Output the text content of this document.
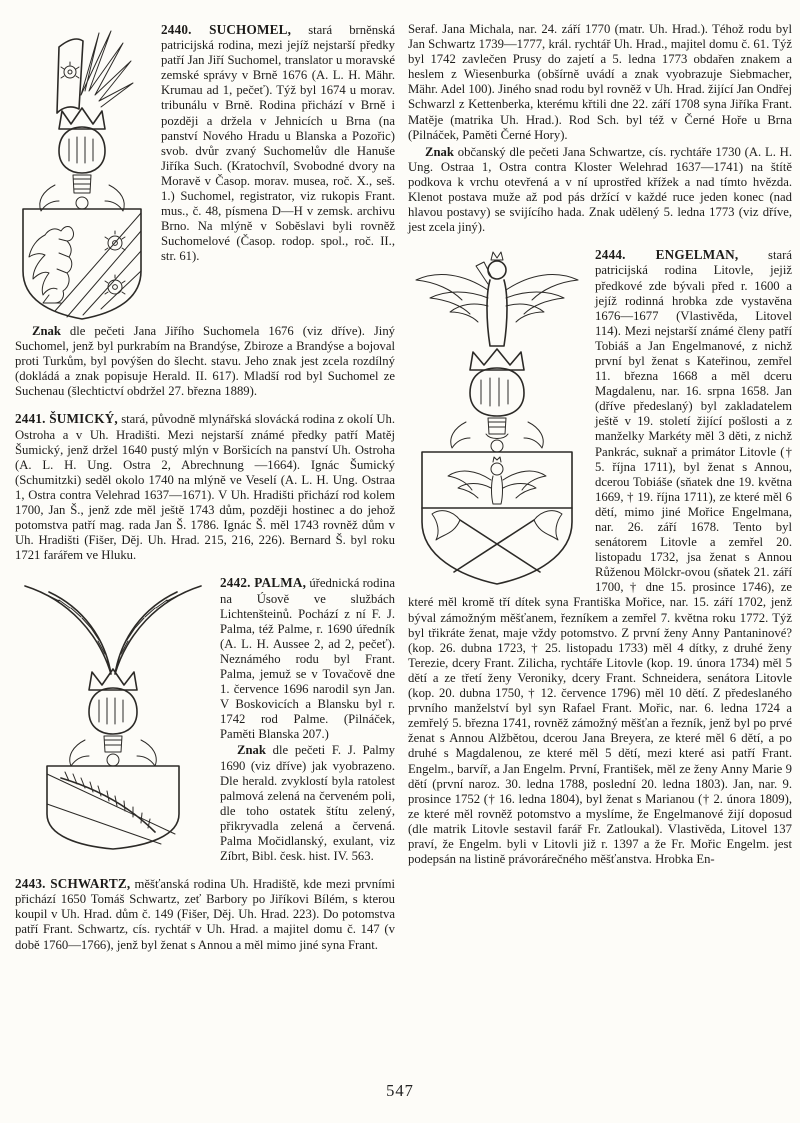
2440. SUCHOMEL, stará brněnská patricijská rodina, mezi jejíž nejstarší předky patří Jan Jiří Suchomel, translator u moravské zemské správy v Brně 1676 (A. L. H. Mähr. Krumau ad 1, pečeť). Týž byl 1674 u morav. tribunálu v Brně. Rodina přichází v Brně i později a držela v Jehnicích u Brna (na panství Nového Hradu u Blanska a Pozořic) svob. dvůr zvaný Suchomelův dle Hanuše Jiříka Such. (Kratochvíl, Svobodné dvory na Moravě v Časop. morav. musea, roč. X., seš. 1.) Suchomel, registrator, viz rukopis Frant. mus., č. 48, písmena D—H v zemsk. archivu Brno. Na mlýně v Soběslavi byli rovněž Suchomelové (Časop. rodop. spol., roč. II., str. 61).

Znak dle pečeti Jana Jiřího Suchomela 1676 (viz dříve). Jiný Suchomel, jenž byl purkrabím na Brandýse, Zbiroze a Brandýse a bojoval proti Turkům, byl povýšen do šlecht. stavu. Jeho znak jest zcela rozdílný (dokládá a znak popisuje Herald. II. 617). Mladší rod byl Suchomel ze Suchenau (šlechtictví obdržel 27. března 1889).

2441. ŠUMICKÝ, stará, původně mlynářská slovácká rodina z okolí Uh. Ostroha a v Uh. Hradišti. Mezi nejstarší známé předky patří Matěj Šumický, jenž držel 1640 pustý mlýn v Boršicích na panství Uh. Ostroha (A. L. H. Ung. Ostra 2, Abrechnung —1664). Ignác Šumický (Schumitzki) seděl okolo 1740 na mlýně ve Veselí (A. L. H. Ung. Ostraa 1, Ostra contra Velehrad 1637—1671). V Uh. Hradišti přichází rod kolem 1700, Jan Š., jenž zde měl ještě 1743 dům, později hostinec a do jehož potomstva patří mag. rada Jan Š. 1786. Ignác Š. měl 1743 rovněž dům v Uh. Hradišti (Fišer, Děj. Uh. Hrad. 215, 216, 226). Bernard Š. byl roku 1721 farářem ve Hluku.

2442. PALMA, úřednická rodina na Úsově ve službách Lichtenšteinů. Pochází z ní F. J. Palma, též Palme, r. 1690 úředník (A. L. H. Aussee 2, ad 2, pečeť). Neznámého rodu byl Frant. Palma, jemuž se v Tovačově dne 1. července 1696 narodil syn Jan. V Boskovicích a Blansku byl r. 1742 rod Palme. (Pilnáček, Paměti Blanska 207.)

Znak dle pečeti F. J. Palmy 1690 (viz dříve) jak vyobrazeno. Dle herald. zvyklostí byla ratolest palmová zelená na červeném poli, dle toho ostatek štítu zelený, přikryvadla zelená a červená. Palma Močidlanský, exulant, viz Zíbrt, Bibl. česk. hist. IV. 563.

2443. SCHWARTZ, měšťanská rodina Uh. Hradiště, kde mezi prvními přichází 1650 Tomáš Schwartz, zeť Barbory po Jiříkovi Bílém, s kterou koupil v Uh. Hrad. dům č. 149 (Fišer, Děj. Uh. Hrad. 223). Do potomstva patří Frant. Schwartz, cís. rychtář v Uh. Hrad. a majitel domu č. 147 (v době 1760—1766), jenž byl ženat s Annou a měl mimo jiné syna Frant.

Seraf. Jana Michala, nar. 24. září 1770 (matr. Uh. Hrad.). Téhož rodu byl Jan Schwartz 1739—1777, král. rychtář Uh. Hrad., majitel domu č. 61. Týž byl 1742 zavlečen Prusy do zajetí a 5. ledna 1773 obdařen znakem a heslem z Wiesenburka (obšírně uvádí a znak vyobrazuje Siebmacher, Mähr. Adel 100). Jiného snad rodu byl rovněž v Uh. Hrad. žijící Jan Ondřej Schwarzl z Kettenberka, kterému křtili dne 22. září 1708 syna Jiříka Frant. Matěje (matrika Uh. Hrad.). Rod Sch. byl též v Černé Hoře u Brna (Pilnáček, Paměti Černé Hory).

Znak občanský dle pečeti Jana Schwartze, cís. rychtáře 1730 (A. L. H. Ung. Ostraa 1, Ostra contra Kloster Welehrad 1637—1741) na štítě podkova k vrchu otevřená a v ní uprostřed křížek a nad tímto hvězda. Klenot postava muže až pod pás držící v každé ruce jeden konec (nad hlavou postavy) se svijícího hada. Znak udělený 5. ledna 1773 (viz dříve, jest zcela jiný).

2444. ENGELMAN, stará patricijská rodina Litovle, jejiž předkové zde bývali před r. 1600 a jejíž rodinná hrobka zde vystavěna 1676—1677 (Vlastivěda, Litovel 114). Mezi nejstarší známé členy patří Tobiáš a Jan Engelmanové, z nichž první byl ženat s Kateřinou, zemřel 11. března 1668 a měl dceru Magdalenu, nar. 16. srpna 1658. Jan (dříve předeslaný) byl zakladatelem ještě v 19. století žijící pošlosti a z manželky Markéty měl 3 děti, z nichž Pankrác, suknař a primátor Litovle († 5. října 1711), byl ženat s Annou, dcerou Tobiáše (sňatek dne 19. května 1669, † 19. října 1711), ze které měl 6 dětí, mimo jiné Mořice Engelmana, nar. 26. září 1678. Tento byl senátorem Litovle a zemřel 20. listopadu 1732, jsa ženat s Annou Růženou Mölckr-ovou (sňatek 21. září 1700, † dne 15. prosince 1746), ze které měl kromě tří dítek syna Františka Mořice, nar. 15. září 1702, jenž býval zámožným měšťanem, řezníkem a zemřel 7. května roku 1772. Týž byl třikráte ženat, maje vždy potomstvo. Z první ženy Anny Pantaninové? (kop. 26. dubna 1723, † 25. listopadu 1733) měl 4 dítky, z druhé ženy Terezie, dcery Frant. Zilicha, rychtáře Litovle (kop. 19. února 1734) měl 5 dětí a ze třetí ženy Veroniky, dcery Frant. Schneidera, senátora Litovle (kop. 20. dubna 1750, † 12. července 1796) měl 10 dětí. Z předeslaného prvního manželství byl syn Rafael Frant. Mořic, nar. 6. ledna 1724 a zemřelý 5. března 1741, rovněž zámožný měšťan a řezník, jenž byl po prvé ženat s Annou Alžbětou, dcerou Jana Breyera, ze které měl 6 dětí, a po druhé s Magdalenou, ze které měl 5 dětí, mezi které asi patří Frant. Engelm., barvíř, a Jan Engelm. První, František, měl ze ženy Anny Marie 9 dětí (první naroz. 30. ledna 1788, poslední 20. ledna 1803). Jan, nar. 9. prosince 1752 († 16. ledna 1804), byl ženat s Marianou († 2. února 1809), ze které měl rovněž potomstvo a myslíme, že Engelmanové žijí doposud (dle matrik Litovle sestavil farář Fr. Zatloukal). Vlastivěda, Litovel 137 praví, že Engelm. byli v Litovli již r. 1397 a že Fr. Mořic Engelm. jest podepsán na listině právorárečného měšťanstva. Hrobka En-

547
